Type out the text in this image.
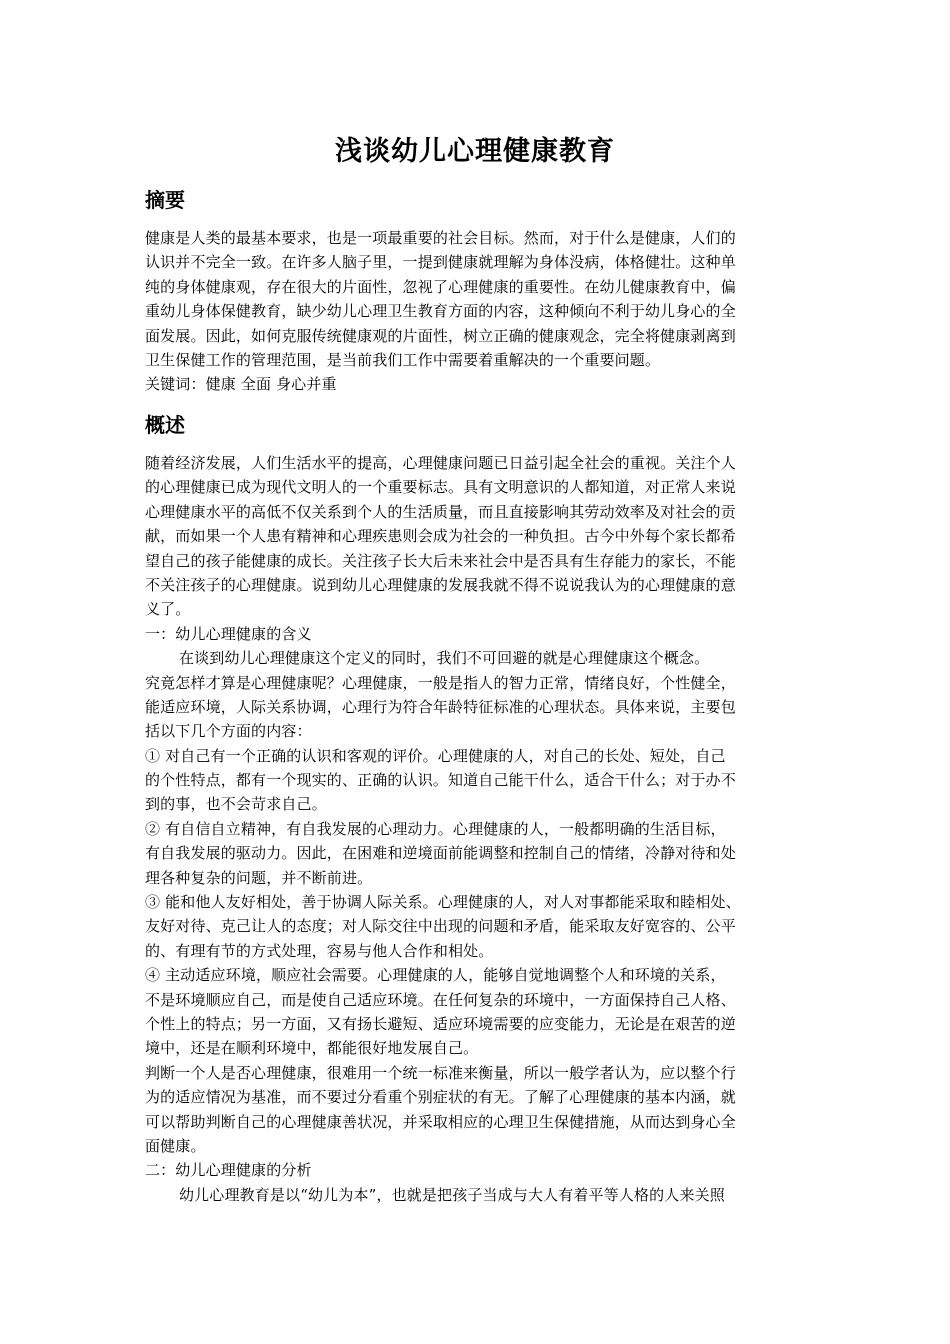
浅谈幼儿心理健康教育
摘要
健康是人类的最基本要求，也是一项最重要的社会目标。然而，对于什么是健康，人们的
认识并不完全一致。在许多人脑子里，一提到健康就理解为身体没病，体格健壮。这种单
纯的身体健康观，存在很大的片面性，忽视了心理健康的重要性。在幼儿健康教育中，偏
重幼儿身体保健教育，缺少幼儿心理卫生教育方面的内容，这种倾向不利于幼儿身心的全
面发展。因此，如何克服传统健康观的片面性，树立正确的健康观念，完全将健康剥离到
卫生保健工作的管理范围，是当前我们工作中需要着重解决的一个重要问题。
关键词：健康 全面 身心并重
概述
随着经济发展，人们生活水平的提高，心理健康问题已日益引起全社会的重视。关注个人
的心理健康已成为现代文明人的一个重要标志。具有文明意识的人都知道，对正常人来说
心理健康水平的高低不仅关系到个人的生活质量，而且直接影响其劳动效率及对社会的贡
献，而如果一个人患有精神和心理疾患则会成为社会的一种负担。古今中外每个家长都希
望自己的孩子能健康的成长。关注孩子长大后未来社会中是否具有生存能力的家长，不能
不关注孩子的心理健康。说到幼儿心理健康的发展我就不得不说说我认为的心理健康的意
义了。
一：幼儿心理健康的含义
在谈到幼儿心理健康这个定义的同时，我们不可回避的就是心理健康这个概念。
究竟怎样才算是心理健康呢？心理健康，一般是指人的智力正常，情绪良好，个性健全，
能适应环境，人际关系协调，心理行为符合年龄特征标准的心理状态。具体来说，主要包
括以下几个方面的内容：
① 对自己有一个正确的认识和客观的评价。心理健康的人，对自己的长处、短处，自己
的个性特点，都有一个现实的、正确的认识。知道自己能干什么，适合干什么；对于办不
到的事，也不会苛求自己。
② 有自信自立精神，有自我发展的心理动力。心理健康的人，一般都明确的生活目标，
有自我发展的驱动力。因此，在困难和逆境面前能调整和控制自己的情绪，冷静对待和处
理各种复杂的问题，并不断前进。
③ 能和他人友好相处，善于协调人际关系。心理健康的人，对人对事都能采取和睦相处、
友好对待、克己让人的态度；对人际交往中出现的问题和矛盾，能采取友好宽容的、公平
的、有理有节的方式处理，容易与他人合作和相处。
④ 主动适应环境，顺应社会需要。心理健康的人，能够自觉地调整个人和环境的关系，
不是环境顺应自己，而是使自己适应环境。在任何复杂的环境中，一方面保持自己人格、
个性上的特点；另一方面，又有扬长避短、适应环境需要的应变能力，无论是在艰苦的逆
境中，还是在顺利环境中，都能很好地发展自己。
判断一个人是否心理健康，很难用一个统一标准来衡量，所以一般学者认为，应以整个行
为的适应情况为基准，而不要过分看重个别症状的有无。了解了心理健康的基本内涵，就
可以帮助判断自己的心理健康善状况，并采取相应的心理卫生保健措施，从而达到身心全
面健康。
二：幼儿心理健康的分析
幼儿心理教育是以“幼儿为本”，也就是把孩子当成与大人有着平等人格的人来关照
